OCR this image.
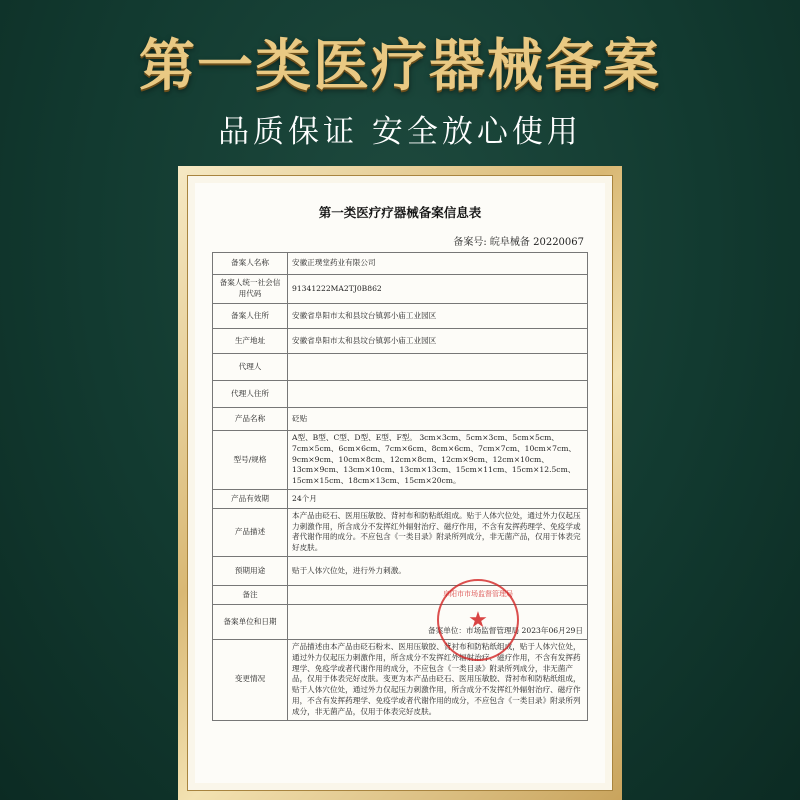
第一类医疗器械备案
品质保证 安全放心使用
第一类医疗疗器械备案信息表
备案号: 皖阜械备 20220067
备案人名称	安徽正璞堂药业有限公司
备案人统一社会信用代码	91341222MA2TJ0B862
备案人住所	安徽省阜阳市太和县坟台镇郭小庙工业园区
生产地址	安徽省阜阳市太和县坟台镇郭小庙工业园区
代理人	
代理人住所	
产品名称	砭贴
型号/规格	A型、B型、C型、D型、E型、F型。 3cm×3cm、5cm×3cm、5cm×5cm、7cm×5cm、6cm×6cm、7cm×6cm、8cm×6cm、7cm×7cm、10cm×7cm、9cm×9cm、10cm×8cm、12cm×8cm、12cm×9cm、12cm×10cm、13cm×9cm、13cm×10cm、13cm×13cm、15cm×11cm、15cm×12.5cm、15cm×15cm、18cm×13cm、15cm×20cm。
产品有效期	24个月
产品描述	本产品由砭石、医用压敏胶、背衬布和防粘纸组成。贴于人体穴位处，通过外力仅起压力刺激作用，所含成分不发挥红外辐射治疗、磁疗作用，不含有发挥药理学、免疫学或者代谢作用的成分。不应包含《一类目录》附录所列成分，非无菌产品，仅用于体表完好皮肤。
预期用途	贴于人体穴位处，进行外力刺激。
备注	
备案单位和日期	备案单位：市场监督管理局 2023年06月29日
变更情况	产品描述由本产品由砭石粉末、医用压敏胶、背衬布和防粘纸组成，贴于人体穴位处，通过外力仅起压力刺激作用，所含成分不发挥红外辐射治疗、磁疗作用，不含有发挥药理学、免疫学或者代谢作用的成分，不应包含《一类目录》附录所列成分，非无菌产品，仅用于体表完好皮肤。变更为本产品由砭石、医用压敏胶、背衬布和防粘纸组成，贴于人体穴位处，通过外力仅起压力刺激作用，所含成分不发挥红外辐射治疗、磁疗作用，不含有发挥药理学、免疫学或者代谢作用的成分，不应包含《一类目录》附录所列成分，非无菌产品，仅用于体表完好皮肤。
阜阳市市场监督管理局
★
